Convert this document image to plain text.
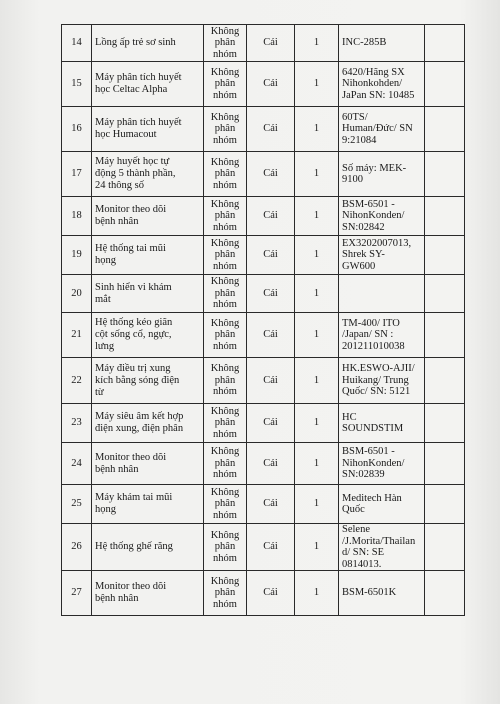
14	Lồng ấp trẻ sơ sinh	Không
phân
nhóm	Cái	1	INC-285B	

15	Máy phân tích huyết
học Celtac Alpha	Không
phân
nhóm	Cái	1	6420/Hãng SX
Nihonkohden/
JaPan SN: 10485	

16	Máy phân tích huyết
học Humacout	Không
phân
nhóm	Cái	1	60TS/
Human/Đức/ SN
9:21084	

17	Máy huyết học tự
động 5 thành phần,
24 thông số	Không
phân
nhóm	Cái	1	Số máy: MEK-
9100	

18	Monitor theo dõi
bệnh nhân	Không
phân
nhóm	Cái	1	BSM-6501 -
NihonKonden/
SN:02842	

19	Hệ thống tai mũi
họng	Không
phân
nhóm	Cái	1	EX3202007013,
Shrek SY-
GW600	

20	Sinh hiển vi khám
mắt	Không
phân
nhóm	Cái	1	

21	Hệ thống kéo giãn
cột sống cổ, ngực,
lưng	Không
phân
nhóm	Cái	1	TM-400/ ITO
/Japan/ SN :
201211010038	

22	Máy điều trị xung
kích bằng sóng điện
từ	Không
phân
nhóm	Cái	1	HK.ESWO-AJII/
Huikang/ Trung
Quốc/ SN: 5121	

23	Máy siêu âm kết hợp
điện xung, điện phân	Không
phân
nhóm	Cái	1	HC
SOUNDSTIM	

24	Monitor theo dõi
bệnh nhân	Không
phân
nhóm	Cái	1	BSM-6501 -
NihonKonden/
SN:02839	

25	Máy khám tai mũi
họng	Không
phân
nhóm	Cái	1	Meditech Hàn
Quốc	

26	Hệ thống ghế răng	Không
phân
nhóm	Cái	1	Selene
/J.Morita/Thailan
d/ SN: SE
0814013.	

27	Monitor theo dõi
bệnh nhân	Không
phân
nhóm	Cái	1	BSM-6501K	
